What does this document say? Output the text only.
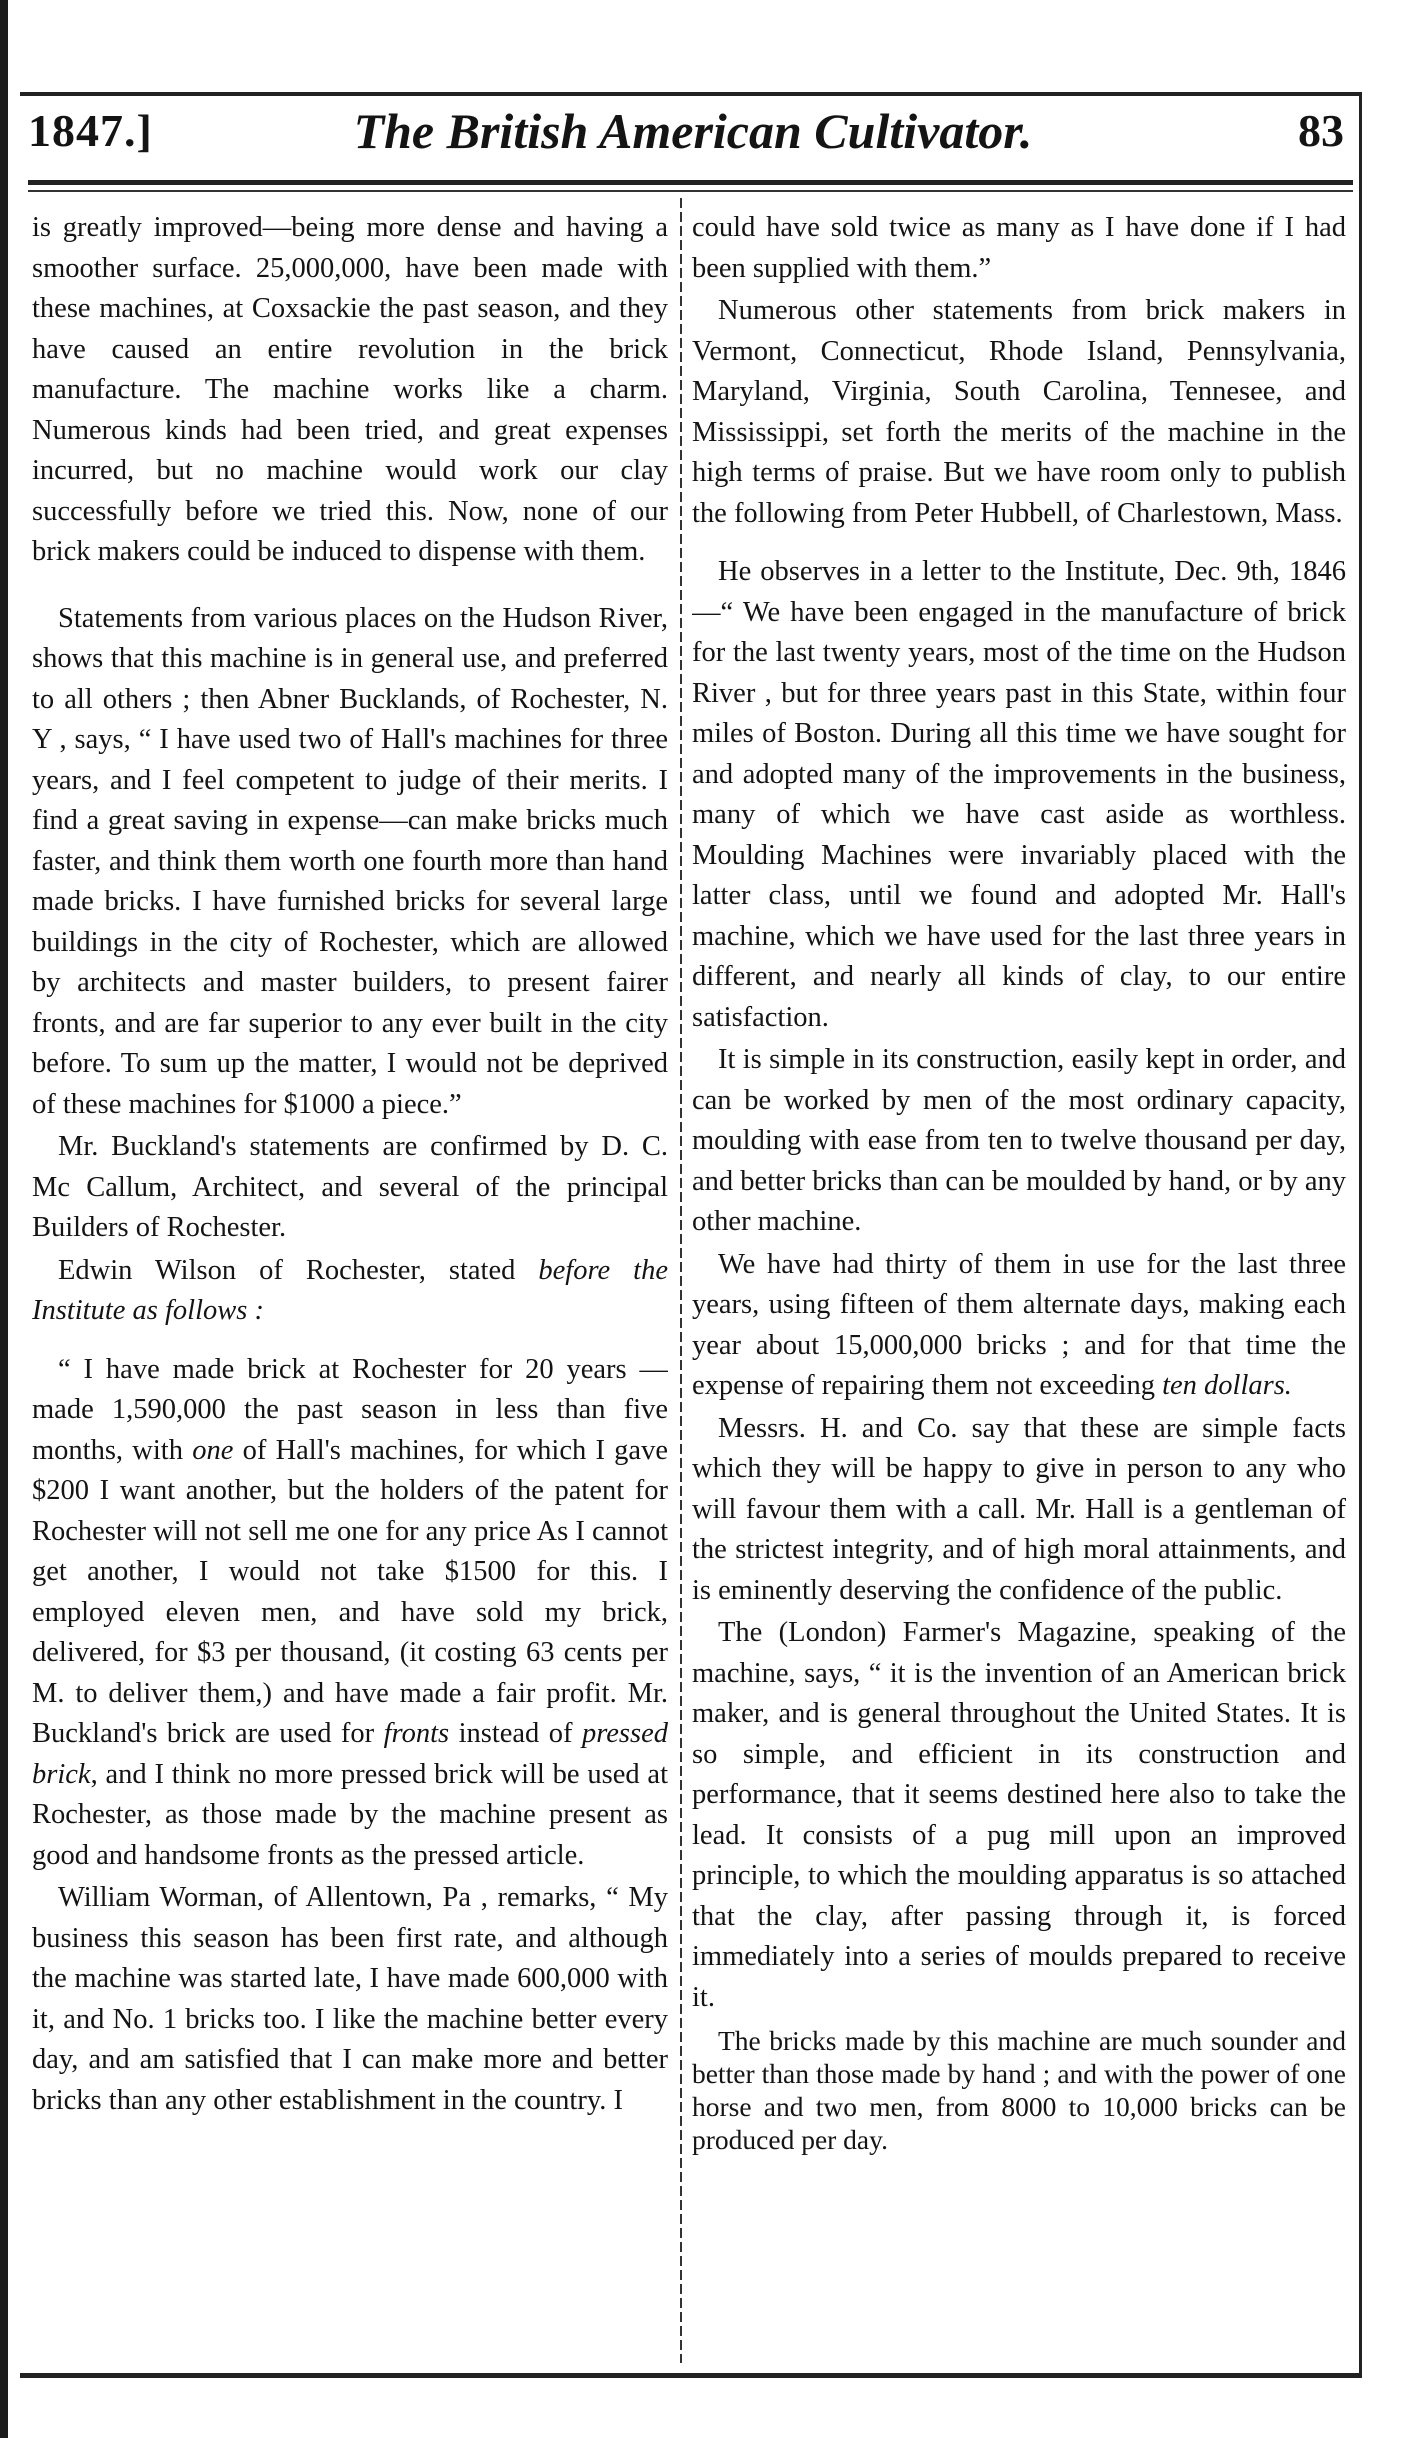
1847.]	The British American Cultivator.	83

is greatly improved—being more dense and having a smoother surface. 25,000,000, have been made with these machines, at Coxsackie the past season, and they have caused an entire revolution in the brick manufacture. The machine works like a charm. Numerous kinds had been tried, and great expenses incurred, but no machine would work our clay successfully before we tried this. Now, none of our brick makers could be induced to dispense with them.

Statements from various places on the Hudson River, shows that this machine is in general use, and preferred to all others ; then Abner Bucklands, of Rochester, N. Y , says, “ I have used two of Hall's machines for three years, and I feel competent to judge of their merits. I find a great saving in expense—can make bricks much faster, and think them worth one fourth more than hand made bricks. I have furnished bricks for several large buildings in the city of Rochester, which are allowed by architects and master builders, to present fairer fronts, and are far superior to any ever built in the city before. To sum up the matter, I would not be deprived of these machines for $1000 a piece.”

Mr. Buckland's statements are confirmed by D. C. Mc Callum, Architect, and several of the principal Builders of Rochester.

Edwin Wilson of Rochester, stated before the Institute as follows :

“ I have made brick at Rochester for 20 years —made 1,590,000 the past season in less than five months, with one of Hall's machines, for which I gave $200 I want another, but the holders of the patent for Rochester will not sell me one for any price As I cannot get another, I would not take $1500 for this. I employed eleven men, and have sold my brick, delivered, for $3 per thousand, (it costing 63 cents per M. to deliver them,) and have made a fair profit. Mr. Buckland's brick are used for fronts instead of pressed brick, and I think no more pressed brick will be used at Rochester, as those made by the machine present as good and handsome fronts as the pressed article.

William Worman, of Allentown, Pa , remarks, “ My business this season has been first rate, and although the machine was started late, I have made 600,000 with it, and No. 1 bricks too. I like the machine better every day, and am satisfied that I can make more and better bricks than any other establishment in the country. I

could have sold twice as many as I have done if I had been supplied with them.”

Numerous other statements from brick makers in Vermont, Connecticut, Rhode Island, Pennsylvania, Maryland, Virginia, South Carolina, Tennesee, and Mississippi, set forth the merits of the machine in the high terms of praise. But we have room only to publish the following from Peter Hubbell, of Charlestown, Mass.

He observes in a letter to the Institute, Dec. 9th, 1846—“ We have been engaged in the manufacture of brick for the last twenty years, most of the time on the Hudson River , but for three years past in this State, within four miles of Boston. During all this time we have sought for and adopted many of the improvements in the business, many of which we have cast aside as worthless. Moulding Machines were invariably placed with the latter class, until we found and adopted Mr. Hall's machine, which we have used for the last three years in different, and nearly all kinds of clay, to our entire satisfaction.

It is simple in its construction, easily kept in order, and can be worked by men of the most ordinary capacity, moulding with ease from ten to twelve thousand per day, and better bricks than can be moulded by hand, or by any other machine.

We have had thirty of them in use for the last three years, using fifteen of them alternate days, making each year about 15,000,000 bricks ; and for that time the expense of repairing them not exceeding ten dollars.

Messrs. H. and Co. say that these are simple facts which they will be happy to give in person to any who will favour them with a call. Mr. Hall is a gentleman of the strictest integrity, and of high moral attainments, and is eminently deserving the confidence of the public.

The (London) Farmer's Magazine, speaking of the machine, says, “ it is the invention of an American brick maker, and is general throughout the United States. It is so simple, and efficient in its construction and performance, that it seems destined here also to take the lead. It consists of a pug mill upon an improved principle, to which the moulding apparatus is so attached that the clay, after passing through it, is forced immediately into a series of moulds prepared to receive it.

The bricks made by this machine are much sounder and better than those made by hand ; and with the power of one horse and two men, from 8000 to 10,000 bricks can be produced per day.
